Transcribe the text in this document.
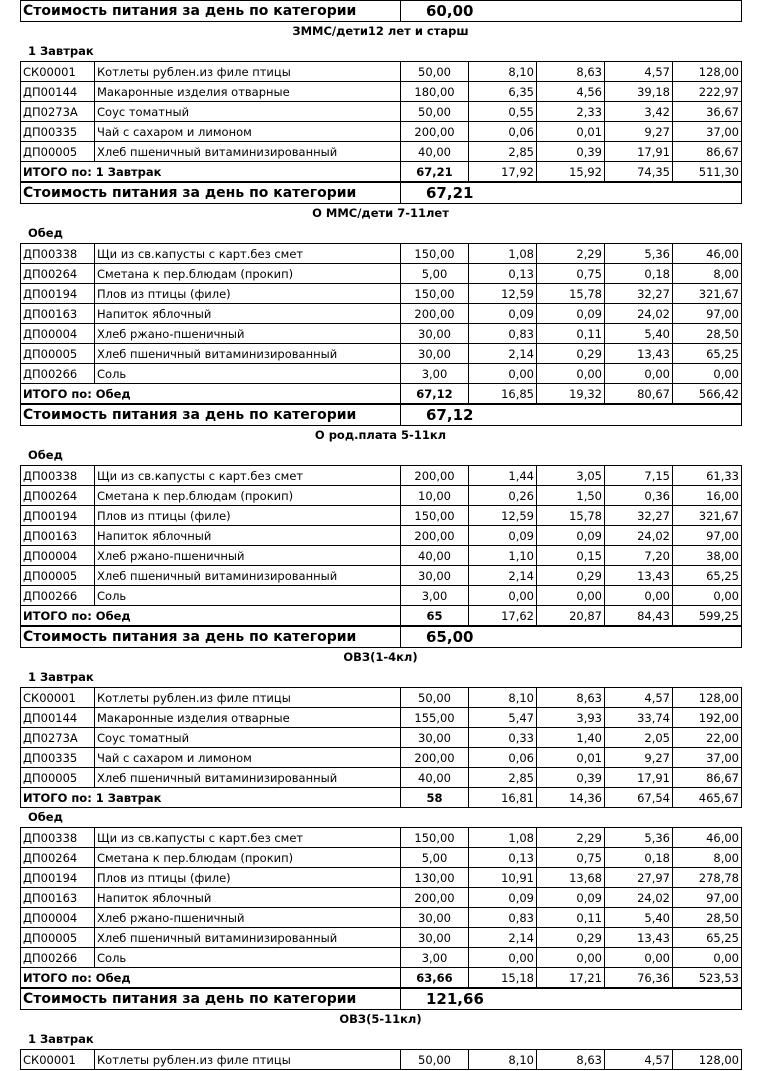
Стоимость питания за день по категории	60,00
ЗММС/дети12 лет и старш
1 Завтрак
СК00001	Котлеты рублен.из филе птицы	50,00	8,10	8,63	4,57	128,00
ДП00144	Макаронные изделия отварные	180,00	6,35	4,56	39,18	222,97
ДП0273А	Соус томатный	50,00	0,55	2,33	3,42	36,67
ДП00335	Чай с сахаром и лимоном	200,00	0,06	0,01	9,27	37,00
ДП00005	Хлеб пшеничный витаминизированный	40,00	2,85	0,39	17,91	86,67
ИТОГО по: 1 Завтрак		67,21	17,92	15,92	74,35	511,30
Стоимость питания за день по категории	67,21
О ММС/дети 7-11лет
Обед
ДП00338	Щи из св.капусты с карт.без смет	150,00	1,08	2,29	5,36	46,00
ДП00264	Сметана к пер.блюдам (прокип)	5,00	0,13	0,75	0,18	8,00
ДП00194	Плов из птицы (филе)	150,00	12,59	15,78	32,27	321,67
ДП00163	Напиток яблочный	200,00	0,09	0,09	24,02	97,00
ДП00004	Хлеб ржано-пшеничный	30,00	0,83	0,11	5,40	28,50
ДП00005	Хлеб пшеничный витаминизированный	30,00	2,14	0,29	13,43	65,25
ДП00266	Соль	3,00	0,00	0,00	0,00	0,00
ИТОГО по: Обед		67,12	16,85	19,32	80,67	566,42
Стоимость питания за день по категории	67,12
О род.плата 5-11кл
Обед
ДП00338	Щи из св.капусты с карт.без смет	200,00	1,44	3,05	7,15	61,33
ДП00264	Сметана к пер.блюдам (прокип)	10,00	0,26	1,50	0,36	16,00
ДП00194	Плов из птицы (филе)	150,00	12,59	15,78	32,27	321,67
ДП00163	Напиток яблочный	200,00	0,09	0,09	24,02	97,00
ДП00004	Хлеб ржано-пшеничный	40,00	1,10	0,15	7,20	38,00
ДП00005	Хлеб пшеничный витаминизированный	30,00	2,14	0,29	13,43	65,25
ДП00266	Соль	3,00	0,00	0,00	0,00	0,00
ИТОГО по: Обед		65	17,62	20,87	84,43	599,25
Стоимость питания за день по категории	65,00
ОВЗ(1-4кл)
1 Завтрак
СК00001	Котлеты рублен.из филе птицы	50,00	8,10	8,63	4,57	128,00
ДП00144	Макаронные изделия отварные	155,00	5,47	3,93	33,74	192,00
ДП0273А	Соус томатный	30,00	0,33	1,40	2,05	22,00
ДП00335	Чай с сахаром и лимоном	200,00	0,06	0,01	9,27	37,00
ДП00005	Хлеб пшеничный витаминизированный	40,00	2,85	0,39	17,91	86,67
ИТОГО по: 1 Завтрак		58	16,81	14,36	67,54	465,67
Обед
ДП00338	Щи из св.капусты с карт.без смет	150,00	1,08	2,29	5,36	46,00
ДП00264	Сметана к пер.блюдам (прокип)	5,00	0,13	0,75	0,18	8,00
ДП00194	Плов из птицы (филе)	130,00	10,91	13,68	27,97	278,78
ДП00163	Напиток яблочный	200,00	0,09	0,09	24,02	97,00
ДП00004	Хлеб ржано-пшеничный	30,00	0,83	0,11	5,40	28,50
ДП00005	Хлеб пшеничный витаминизированный	30,00	2,14	0,29	13,43	65,25
ДП00266	Соль	3,00	0,00	0,00	0,00	0,00
ИТОГО по: Обед		63,66	15,18	17,21	76,36	523,53
Стоимость питания за день по категории	121,66
ОВЗ(5-11кл)
1 Завтрак
СК00001	Котлеты рублен.из филе птицы	50,00	8,10	8,63	4,57	128,00
